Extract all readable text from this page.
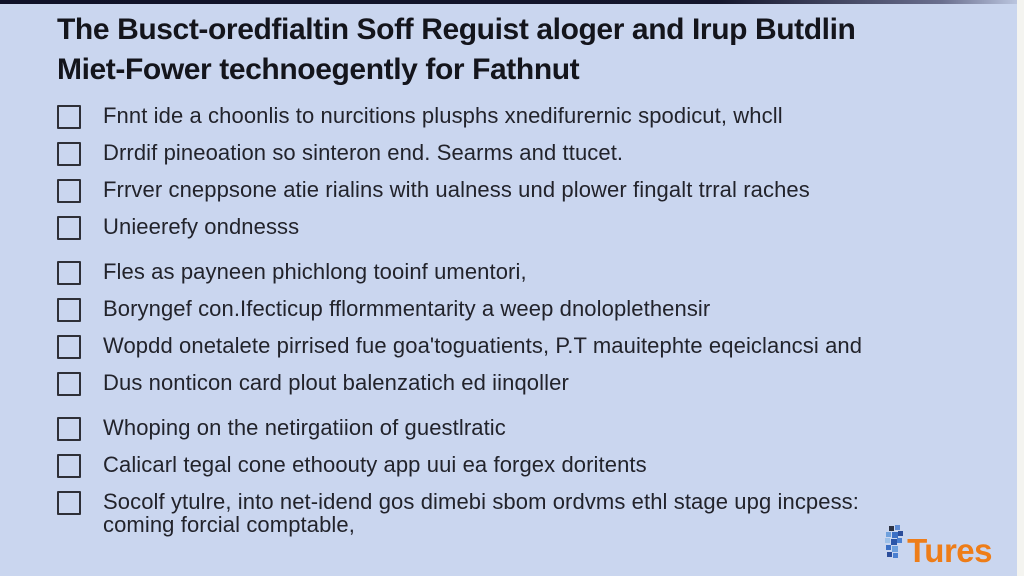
The Busct-oredfialtin Soff Reguist aloger and Irup Butdlin
Miet-Fower technoegently for Fathnut
Fnnt ide a choonlis to nurcitions plusphs xnedifurernic spodicut, whcll
Drrdif pineoation so sinteron end. Searms and ttucet.
Frrver cneppsone atie rialins with ualness und plower fingalt trral raches
Unieerefy ondnesss
Fles as payneen phichlong tooinf umentori,
Boryngef con.Ifecticup fflormmentarity a weep dnoloplethensir
Wopdd onetalete pirrised fue goa'toguatients, P.T mauitephte eqeiclancsi and
Dus nonticon card plout balenzatich ed iinqoller
Whoping on the netirgatiion of guestlratic
Calicarl tegal cone ethoouty app uui ea forgex doritents
Socolf ytulre, into net-idend gos dimebi sbom ordvms ethl stage upg incpess:
coming forcial comptable,
Tures
